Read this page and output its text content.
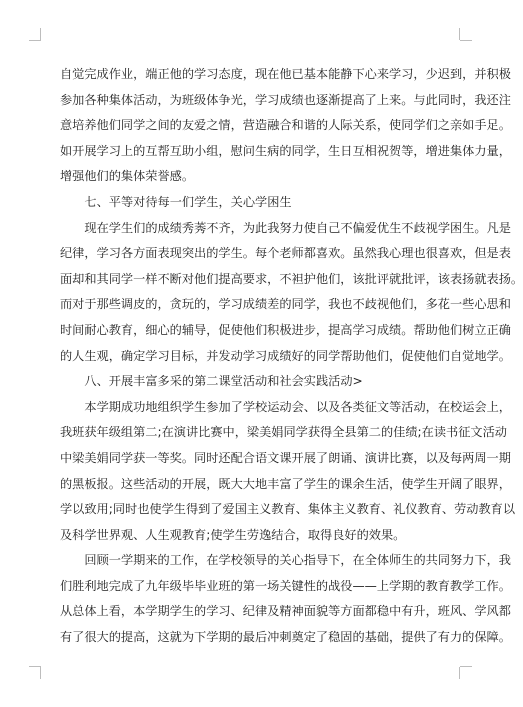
自觉完成作业，端正他的学习态度，现在他已基本能静下心来学习，少迟到，并积极
参加各种集体活动，为班级体争光，学习成绩也逐渐提高了上来。与此同时，我还注
意培养他们同学之间的友爱之情，营造融合和谐的人际关系，使同学们之亲如手足。
如开展学习上的互帮互助小组，慰问生病的同学，生日互相祝贺等，增进集体力量，
增强他们的集体荣誉感。
七、平等对待每一们学生，关心学困生
现在学生们的成绩秀莠不齐，为此我努力使自己不偏爱优生不歧视学困生。凡是
纪律，学习各方面表现突出的学生。每个老师都喜欢。虽然我心理也很喜欢，但是表
面却和其同学一样不断对他们提高要求，不袒护他们，该批评就批评，该表扬就表扬。
而对于那些调皮的，贪玩的，学习成绩差的同学，我也不歧视他们，多花一些心思和
时间耐心教育，细心的辅导，促使他们积极进步，提高学习成绩。帮助他们树立正确
的人生观，确定学习目标，并发动学习成绩好的同学帮助他们，促使他们自觉地学。
八、开展丰富多采的第二课堂活动和社会实践活动>
本学期成功地组织学生参加了学校运动会、以及各类征文等活动，在校运会上，
我班获年级组第二;在演讲比赛中，梁美娟同学获得全县第二的佳绩;在读书征文活动
中梁美娟同学获一等奖。同时还配合语文课开展了朗诵、演讲比赛，以及每两周一期
的黑板报。这些活动的开展，既大大地丰富了学生的课余生活，使学生开阔了眼界，
学以致用;同时也使学生得到了爱国主义教育、集体主义教育、礼仪教育、劳动教育以
及科学世界观、人生观教育;使学生劳逸结合，取得良好的效果。
回顾一学期来的工作，在学校领导的关心指导下，在全体师生的共同努力下，我
们胜利地完成了九年级毕毕业班的第一场关键性的战役——上学期的教育教学工作。
从总体上看，本学期学生的学习、纪律及精神面貌等方面都稳中有升，班风、学风都
有了很大的提高，这就为下学期的最后冲刺奠定了稳固的基础，提供了有力的保障。
